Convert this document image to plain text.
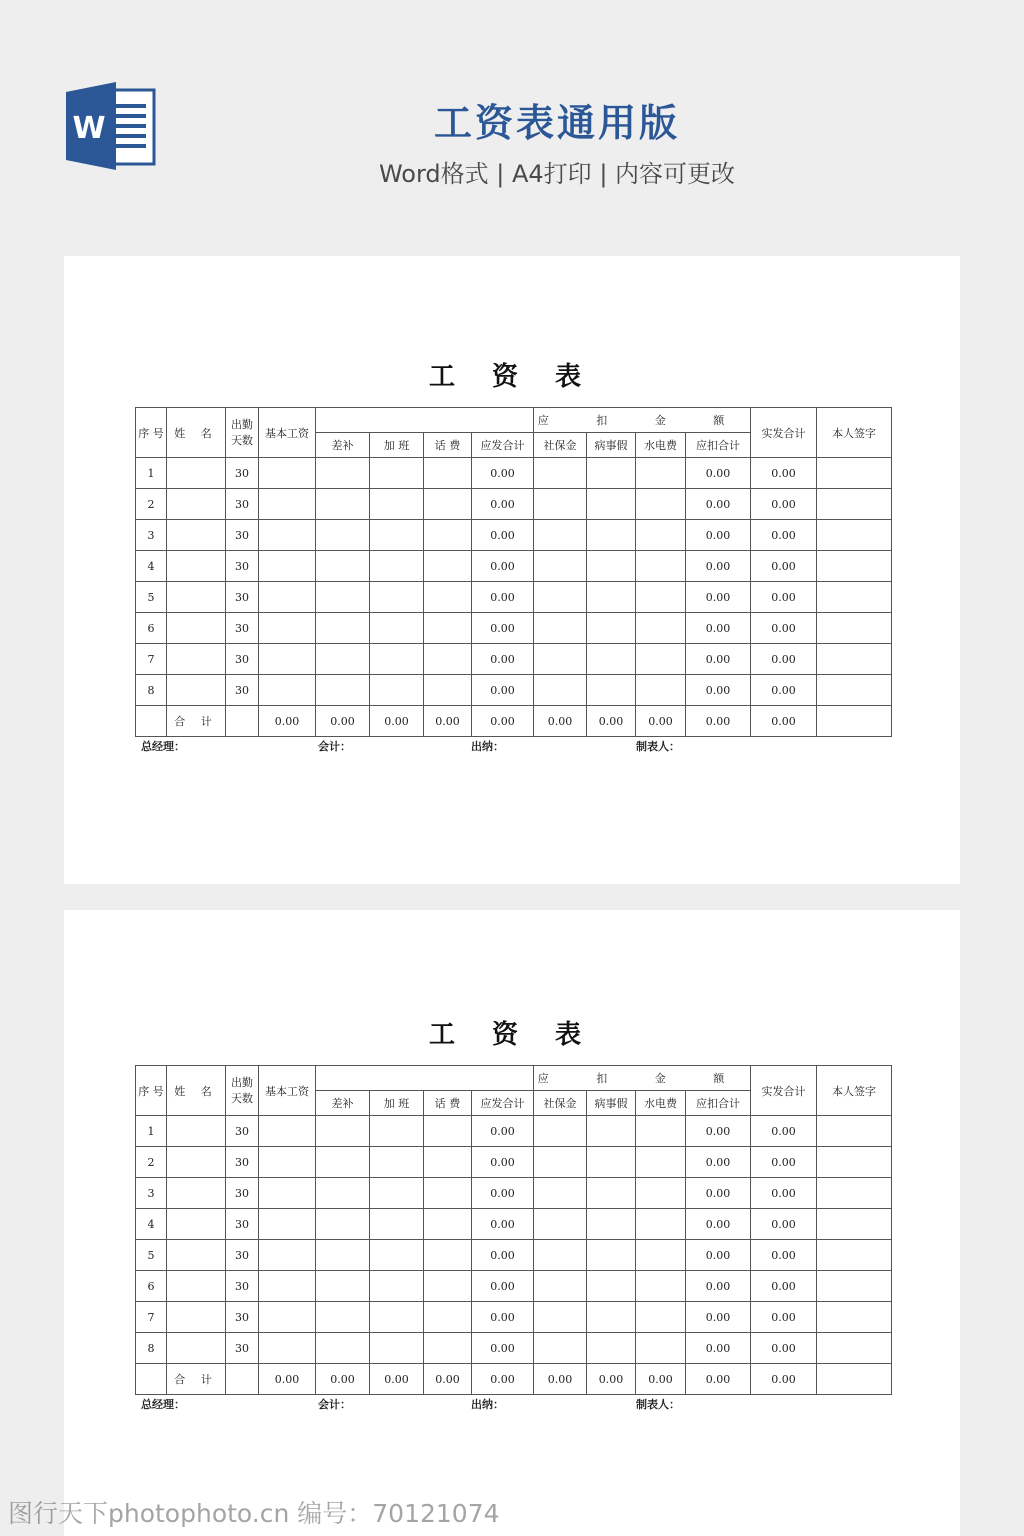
W	工资表通用版
Word格式 | A4打印 | 内容可更改
工 资 表
序 号	姓 名	出勤天数	基本工资					应 扣 金 额				实发合计	本人签字
				差补	加 班	话 费	应发合计	社保金	病事假	水电费	应扣合计		
1		30					0.00				0.00	0.00	
2		30					0.00				0.00	0.00	
3		30					0.00				0.00	0.00	
4		30					0.00				0.00	0.00	
5		30					0.00				0.00	0.00	
6		30					0.00				0.00	0.00	
7		30					0.00				0.00	0.00	
8		30					0.00				0.00	0.00	
	合 计		0.00	0.00	0.00	0.00	0.00	0.00	0.00	0.00	0.00	0.00	
总经理：	会计：	出纳：	制表人：
工 资 表
序 号	姓 名	出勤天数	基本工资					应 扣 金 额				实发合计	本人签字
				差补	加 班	话 费	应发合计	社保金	病事假	水电费	应扣合计		
1		30					0.00				0.00	0.00	
2		30					0.00				0.00	0.00	
3		30					0.00				0.00	0.00	
4		30					0.00				0.00	0.00	
5		30					0.00				0.00	0.00	
6		30					0.00				0.00	0.00	
7		30					0.00				0.00	0.00	
8		30					0.00				0.00	0.00	
	合 计		0.00	0.00	0.00	0.00	0.00	0.00	0.00	0.00	0.00	0.00	
总经理：	会计：	出纳：	制表人：
图行天下photophoto.cn 编号：70121074
